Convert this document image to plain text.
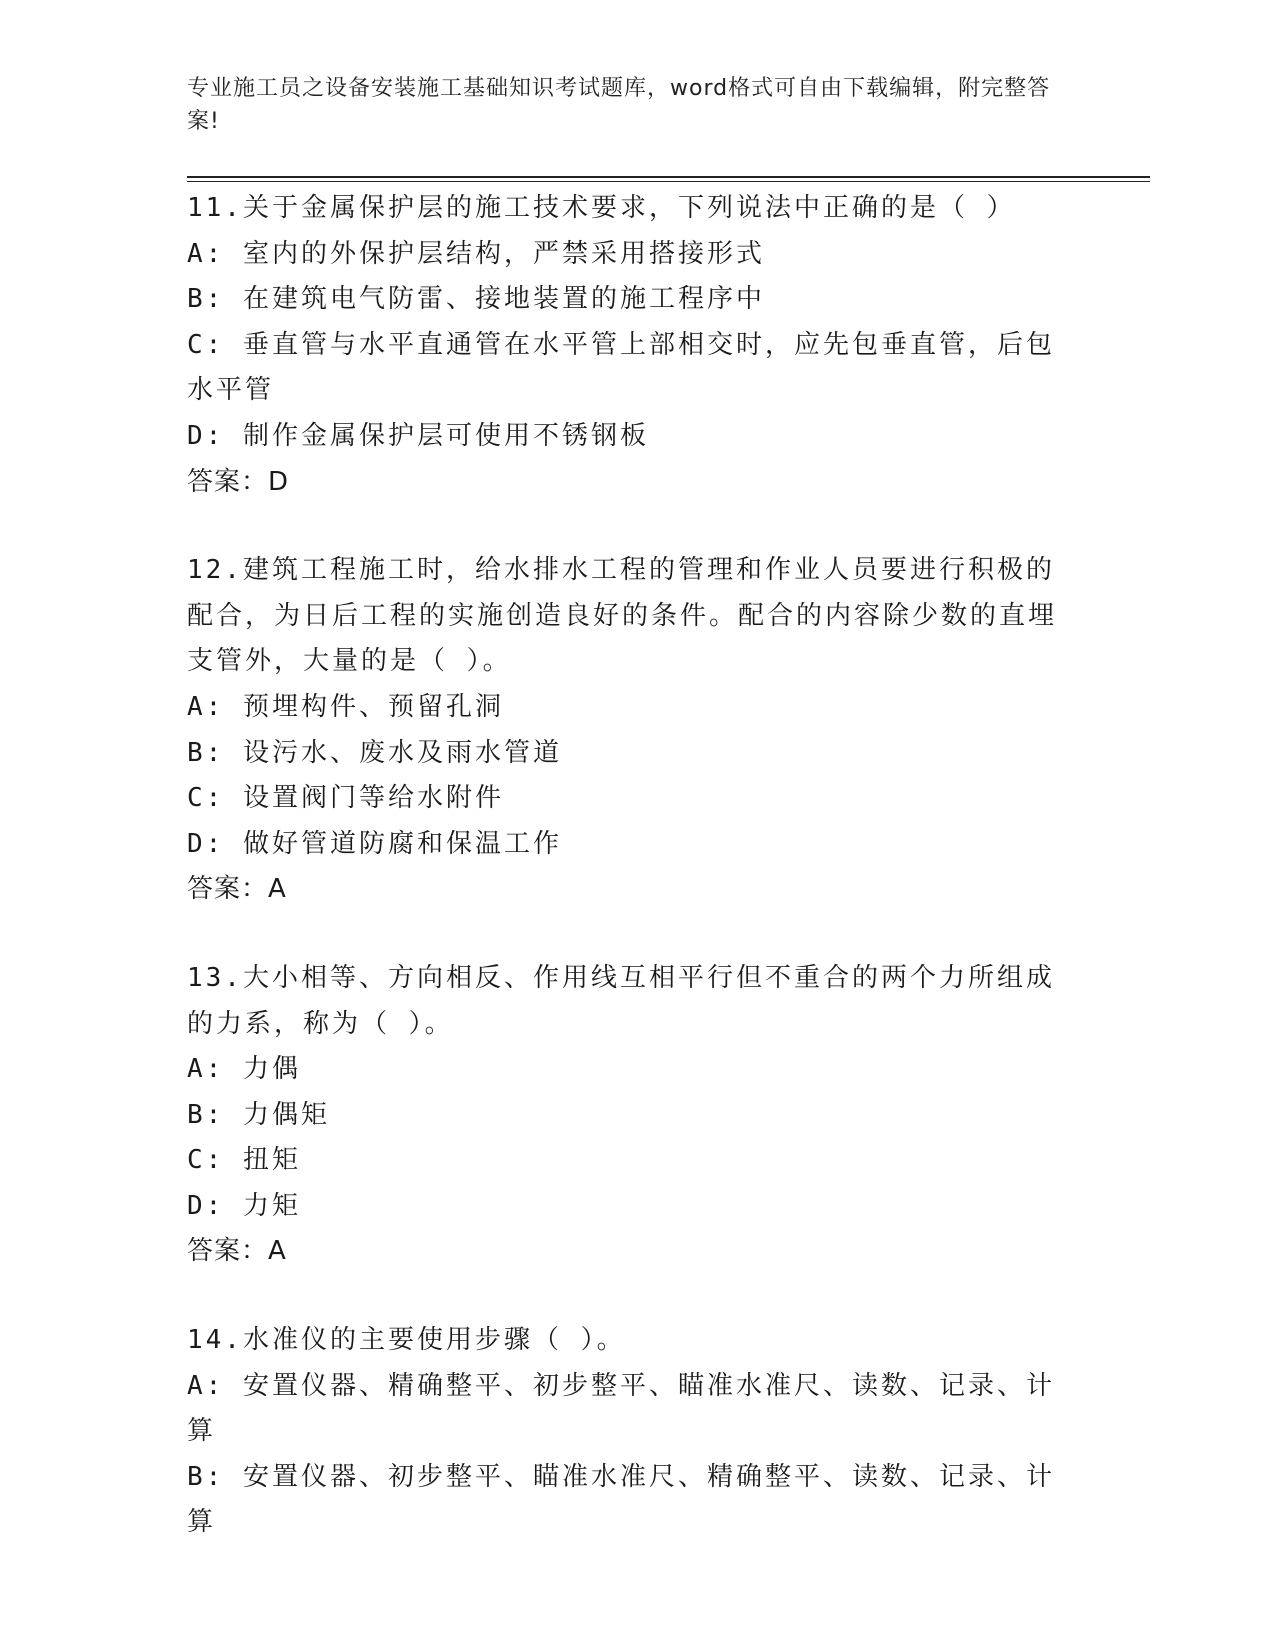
专业施工员之设备安装施工基础知识考试题库，word格式可自由下载编辑，附完整答案!

11.关于金属保护层的施工技术要求，下列说法中正确的是（ ）

A: 室内的外保护层结构，严禁采用搭接形式

B: 在建筑电气防雷、接地装置的施工程序中

C: 垂直管与水平直通管在水平管上部相交时，应先包垂直管，后包水平管

D: 制作金属保护层可使用不锈钢板

答案：D

12.建筑工程施工时，给水排水工程的管理和作业人员要进行积极的配合，为日后工程的实施创造良好的条件。配合的内容除少数的直埋支管外，大量的是（ ）。

A: 预埋构件、预留孔洞

B: 设污水、废水及雨水管道

C: 设置阀门等给水附件

D: 做好管道防腐和保温工作

答案：A

13.大小相等、方向相反、作用线互相平行但不重合的两个力所组成的力系，称为（ ）。

A: 力偶

B: 力偶矩

C: 扭矩

D: 力矩

答案：A

14.水准仪的主要使用步骤（ ）。

A: 安置仪器、精确整平、初步整平、瞄准水准尺、读数、记录、计算

B: 安置仪器、初步整平、瞄准水准尺、精确整平、读数、记录、计算
